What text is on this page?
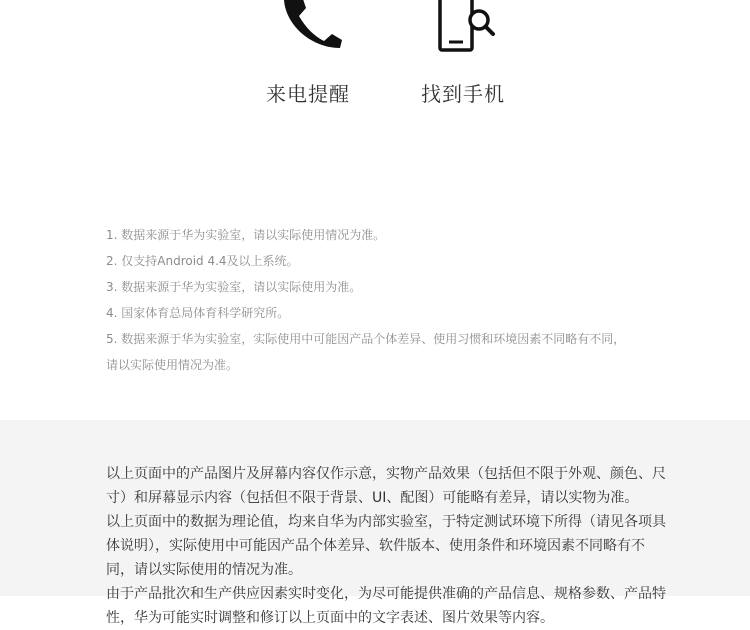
来电提醒	找到手机
1. 数据来源于华为实验室，请以实际使用情况为准。
2. 仅支持Android 4.4及以上系统。
3. 数据来源于华为实验室，请以实际使用为准。
4. 国家体育总局体育科学研究所。
5. 数据来源于华为实验室，实际使用中可能因产品个体差异、使用习惯和环境因素不同略有不同，
请以实际使用情况为准。

以上页面中的产品图片及屏幕内容仅作示意，实物产品效果（包括但不限于外观、颜色、尺寸）和屏幕显示内容（包括但不限于背景、UI、配图）可能略有差异，请以实物为准。

以上页面中的数据为理论值，均来自华为内部实验室，于特定测试环境下所得（请见各项具体说明），实际使用中可能因产品个体差异、软件版本、使用条件和环境因素不同略有不同，请以实际使用的情况为准。

由于产品批次和生产供应因素实时变化，为尽可能提供准确的产品信息、规格参数、产品特性，华为可能实时调整和修订以上页面中的文字表述、图片效果等内容。
